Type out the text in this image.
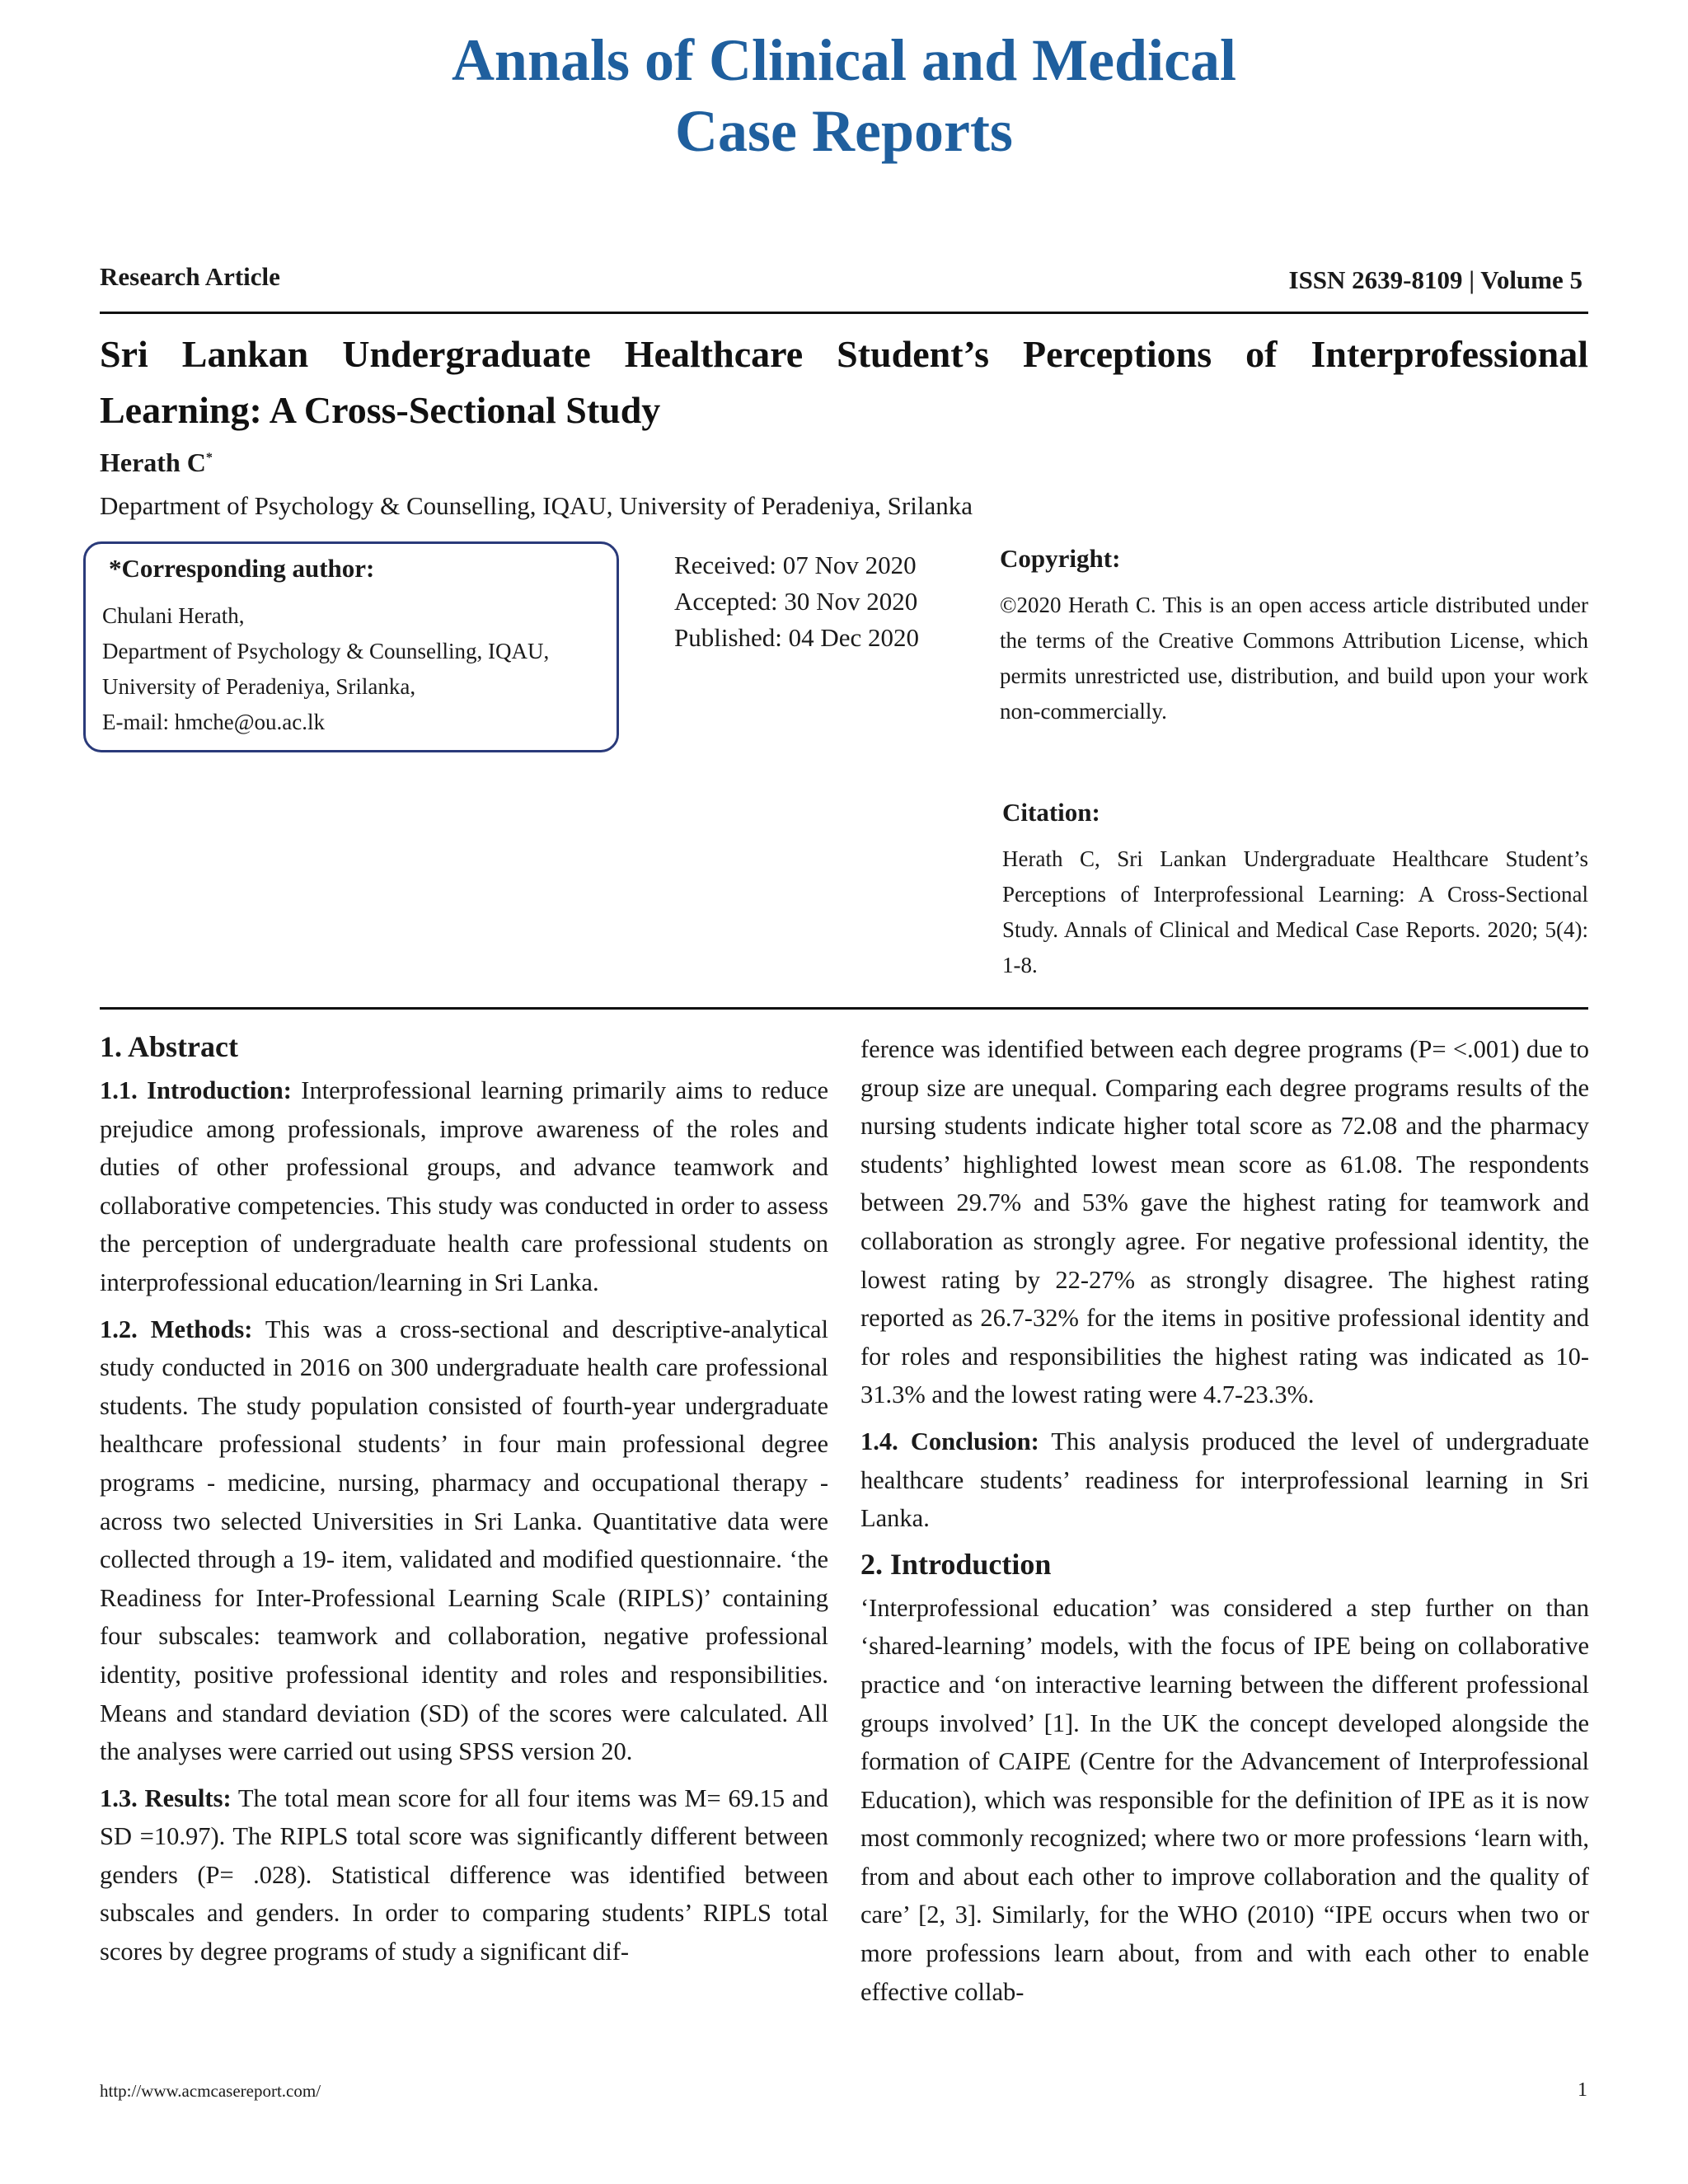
Annals of Clinical and Medical
Case Reports
Research Article	ISSN 2639-8109 | Volume 5
Sri Lankan Undergraduate Healthcare Student’s Perceptions of Interprofessional Learning: A Cross-Sectional Study
Herath C*
Department of Psychology & Counselling, IQAU, University of Peradeniya, Srilanka
*Corresponding author:
Chulani Herath,
Department of Psychology & Counselling, IQAU,
University of Peradeniya, Srilanka,
E-mail: hmche@ou.ac.lk
Received: 07 Nov 2020
Accepted: 30 Nov 2020
Published: 04 Dec 2020
Copyright:
©2020 Herath C. This is an open access article distributed under the terms of the Creative Commons Attribution License, which permits unrestricted use, distribution, and build upon your work non-commercially.
Citation:
Herath C, Sri Lankan Undergraduate Healthcare Student’s Perceptions of Interprofessional Learning: A Cross-Sectional Study. Annals of Clinical and Medical Case Reports. 2020; 5(4): 1-8.

1. Abstract

1.1. Introduction: Interprofessional learning primarily aims to reduce prejudice among professionals, improve awareness of the roles and duties of other professional groups, and advance teamwork and collaborative competencies. This study was conducted in order to assess the perception of undergraduate health care professional students on interprofessional education/learning in Sri Lanka.

1.2. Methods: This was a cross-sectional and descriptive-analytical study conducted in 2016 on 300 undergraduate health care professional students. The study population consisted of fourth-year undergraduate healthcare professional students’ in four main professional degree programs - medicine, nursing, pharmacy and occupational therapy - across two selected Universities in Sri Lanka. Quantitative data were collected through a 19- item, validated and modified questionnaire. ‘the Readiness for Inter-Professional Learning Scale (RIPLS)’ containing four subscales: teamwork and collaboration, negative professional identity, positive professional identity and roles and responsibilities. Means and standard deviation (SD) of the scores were calculated. All the analyses were carried out using SPSS version 20.

1.3. Results: The total mean score for all four items was M= 69.15 and SD =10.97). The RIPLS total score was significantly different between genders (P= .028). Statistical difference was identified between subscales and genders. In order to comparing students’ RIPLS total scores by degree programs of study a significant dif-

ference was identified between each degree programs (P= <.001) due to group size are unequal. Comparing each degree programs results of the nursing students indicate higher total score as 72.08 and the pharmacy students’ highlighted lowest mean score as 61.08. The respondents between 29.7% and 53% gave the highest rating for teamwork and collaboration as strongly agree. For negative professional identity, the lowest rating by 22-27% as strongly disagree. The highest rating reported as 26.7-32% for the items in positive professional identity and for roles and responsibilities the highest rating was indicated as 10-31.3% and the lowest rating were 4.7-23.3%.

1.4. Conclusion: This analysis produced the level of undergraduate healthcare students’ readiness for interprofessional learning in Sri Lanka.

2. Introduction

‘Interprofessional education’ was considered a step further on than ‘shared-learning’ models, with the focus of IPE being on collaborative practice and ‘on interactive learning between the different professional groups involved’ [1]. In the UK the concept developed alongside the formation of CAIPE (Centre for the Advancement of Interprofessional Education), which was responsible for the definition of IPE as it is now most commonly recognized; where two or more professions ‘learn with, from and about each other to improve collaboration and the quality of care’ [2, 3]. Similarly, for the WHO (2010) “IPE occurs when two or more professions learn about, from and with each other to enable effective collab-

http://www.acmcasereport.com/	1
